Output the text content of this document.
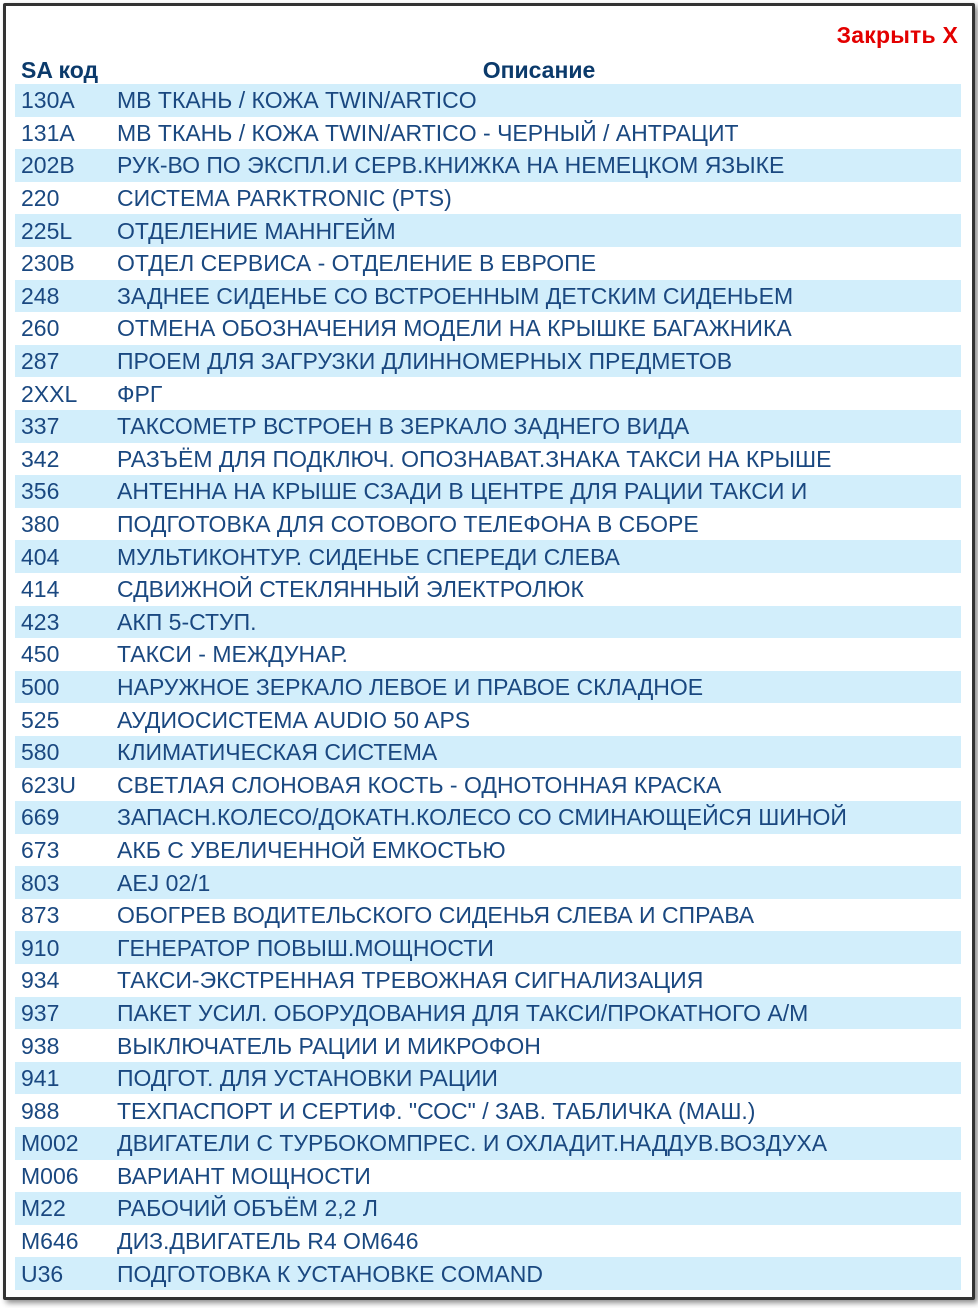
Закрыть X
SA код	Описание
130A	МВ ТКАНЬ / КОЖА TWIN/ARTICO
131A	МВ ТКАНЬ / КОЖА TWIN/ARTICO - ЧЕРНЫЙ / АНТРАЦИТ
202B	РУК-ВО ПО ЭКСПЛ.И СЕРВ.КНИЖКА НА НЕМЕЦКОМ ЯЗЫКЕ
220	СИСТЕМА PARKTRONIC (PTS)
225L	ОТДЕЛЕНИЕ МАННГЕЙМ
230B	ОТДЕЛ СЕРВИСА - ОТДЕЛЕНИЕ В ЕВРОПЕ
248	ЗАДНЕЕ СИДЕНЬЕ СО ВСТРОЕННЫМ ДЕТСКИМ СИДЕНЬЕМ
260	ОТМЕНА ОБОЗНАЧЕНИЯ МОДЕЛИ НА КРЫШКЕ БАГАЖНИКА
287	ПРОЕМ ДЛЯ ЗАГРУЗКИ ДЛИННОМЕРНЫХ ПРЕДМЕТОВ
2XXL	ФРГ
337	ТАКСОМЕТР ВСТРОЕН В ЗЕРКАЛО ЗАДНЕГО ВИДА
342	РАЗЪЁМ ДЛЯ ПОДКЛЮЧ. ОПОЗНАВАТ.ЗНАКА ТАКСИ НА КРЫШЕ
356	АНТЕННА НА КРЫШЕ СЗАДИ В ЦЕНТРЕ ДЛЯ РАЦИИ ТАКСИ И
380	ПОДГОТОВКА ДЛЯ СОТОВОГО ТЕЛЕФОНА В СБОРЕ
404	МУЛЬТИКОНТУР. СИДЕНЬЕ СПЕРЕДИ СЛЕВА
414	СДВИЖНОЙ СТЕКЛЯННЫЙ ЭЛЕКТРОЛЮК
423	АКП 5-СТУП.
450	ТАКСИ - МЕЖДУНАР.
500	НАРУЖНОЕ ЗЕРКАЛО ЛЕВОЕ И ПРАВОЕ СКЛАДНОЕ
525	АУДИОСИСТЕМА AUDIO 50 APS
580	КЛИМАТИЧЕСКАЯ СИСТЕМА
623U	СВЕТЛАЯ СЛОНОВАЯ КОСТЬ - ОДНОТОННАЯ КРАСКА
669	ЗАПАСН.КОЛЕСО/ДОКАТН.КОЛЕСО СО СМИНАЮЩЕЙСЯ ШИНОЙ
673	АКБ С УВЕЛИЧЕННОЙ ЕМКОСТЬЮ
803	AEJ 02/1
873	ОБОГРЕВ ВОДИТЕЛЬСКОГО СИДЕНЬЯ СЛЕВА И СПРАВА
910	ГЕНЕРАТОР ПОВЫШ.МОЩНОСТИ
934	ТАКСИ-ЭКСТРЕННАЯ ТРЕВОЖНАЯ СИГНАЛИЗАЦИЯ
937	ПАКЕТ УСИЛ. ОБОРУДОВАНИЯ ДЛЯ ТАКСИ/ПРОКАТНОГО А/М
938	ВЫКЛЮЧАТЕЛЬ РАЦИИ И МИКРОФОН
941	ПОДГОТ. ДЛЯ УСТАНОВКИ РАЦИИ
988	ТЕХПАСПОРТ И СЕРТИФ. "СОС" / ЗАВ. ТАБЛИЧКА (МАШ.)
M002	ДВИГАТЕЛИ С ТУРБОКОМПРЕС. И ОХЛАДИТ.НАДДУВ.ВОЗДУХА
M006	ВАРИАНТ МОЩНОСТИ
M22	РАБОЧИЙ ОБЪЁМ 2,2 Л
M646	ДИЗ.ДВИГАТЕЛЬ R4 OM646
U36	ПОДГОТОВКА К УСТАНОВКЕ COMAND
